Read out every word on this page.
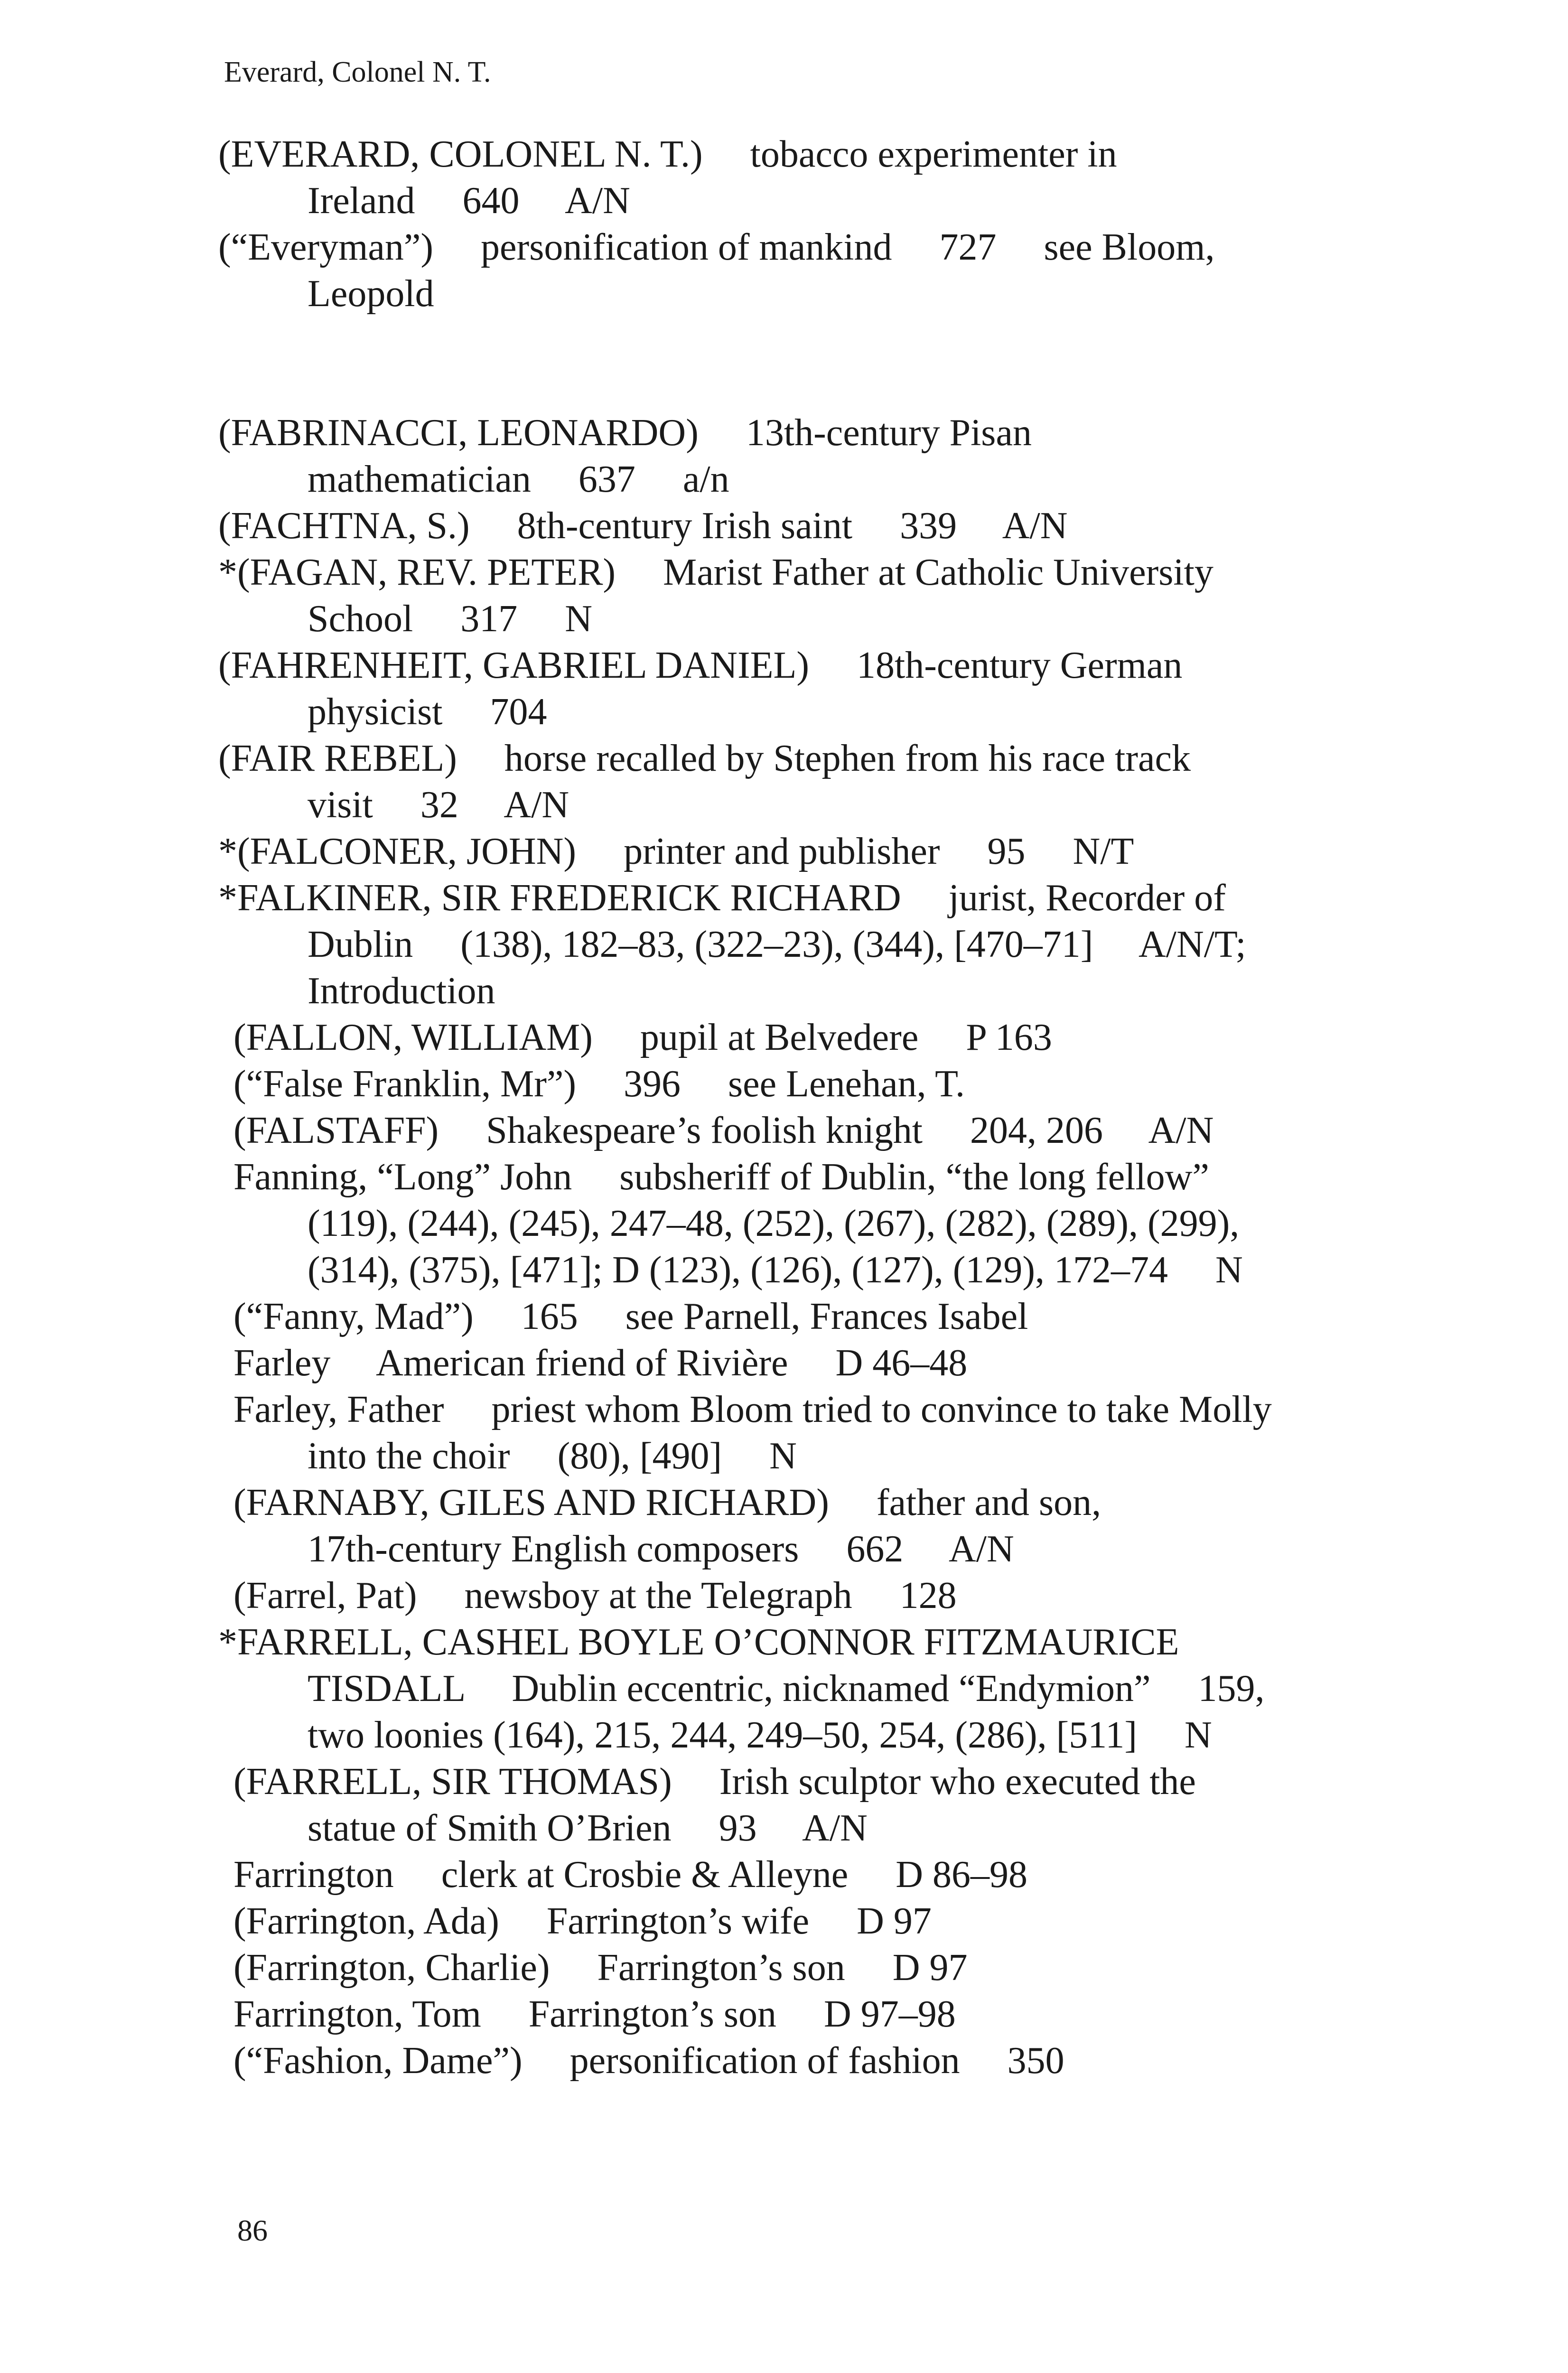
Everard, Colonel N. T.
(EVERARD, COLONEL N. T.)     tobacco experimenter in
Ireland     640     A/N
(“Everyman”)     personification of mankind     727     see Bloom,
Leopold
(FABRINACCI, LEONARDO)     13th-century Pisan
mathematician     637     a/n
(FACHTNA, S.)     8th-century Irish saint     339     A/N
*(FAGAN, REV. PETER)     Marist Father at Catholic University
School     317     N
(FAHRENHEIT, GABRIEL DANIEL)     18th-century German
physicist     704
(FAIR REBEL)     horse recalled by Stephen from his race track
visit     32     A/N
*(FALCONER, JOHN)     printer and publisher     95     N/T
*FALKINER, SIR FREDERICK RICHARD     jurist, Recorder of
Dublin     (138), 182–83, (322–23), (344), [470–71]     A/N/T;
Introduction
(FALLON, WILLIAM)     pupil at Belvedere     P 163
(“False Franklin, Mr”)     396     see Lenehan, T.
(FALSTAFF)     Shakespeare’s foolish knight     204, 206     A/N
Fanning, “Long” John     subsheriff of Dublin, “the long fellow”
(119), (244), (245), 247–48, (252), (267), (282), (289), (299),
(314), (375), [471]; D (123), (126), (127), (129), 172–74     N
(“Fanny, Mad”)     165     see Parnell, Frances Isabel
Farley     American friend of Rivière     D 46–48
Farley, Father     priest whom Bloom tried to convince to take Molly
into the choir     (80), [490]     N
(FARNABY, GILES AND RICHARD)     father and son,
17th-century English composers     662     A/N
(Farrel, Pat)     newsboy at the Telegraph     128
*FARRELL, CASHEL BOYLE O’CONNOR FITZMAURICE
TISDALL     Dublin eccentric, nicknamed “Endymion”     159,
two loonies (164), 215, 244, 249–50, 254, (286), [511]     N
(FARRELL, SIR THOMAS)     Irish sculptor who executed the
statue of Smith O’Brien     93     A/N
Farrington     clerk at Crosbie & Alleyne     D 86–98
(Farrington, Ada)     Farrington’s wife     D 97
(Farrington, Charlie)     Farrington’s son     D 97
Farrington, Tom     Farrington’s son     D 97–98
(“Fashion, Dame”)     personification of fashion     350
86
